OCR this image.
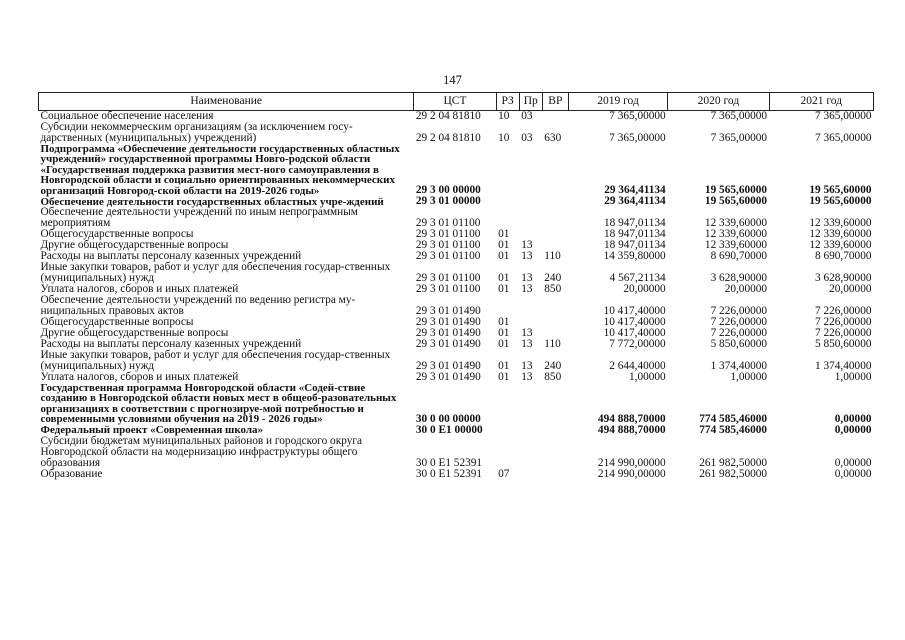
147
Наименование	ЦСТ	РЗ	Пр	ВР	2019 год	2020 год	2021 год
Социальное обеспечение населения	29 2 04 81810	10	03		7 365,00000	7 365,00000	7 365,00000
Субсидии некоммерческим организациям (за исключением госу-дарственных (муниципальных) учреждений)	29 2 04 81810	10	03	630	7 365,00000	7 365,00000	7 365,00000
Подпрограмма «Обеспечение деятельности государственных областных учреждений» государственной программы Новго-родской области «Государственная поддержка развития мест-ного самоуправления в Новгородской области и социально ориентированных некоммерческих организаций Новгород-ской области на 2019-2026 годы»	29 3 00 00000				29 364,41134	19 565,60000	19 565,60000
Обеспечение деятельности государственных областных учре-ждений	29 3 01 00000				29 364,41134	19 565,60000	19 565,60000
Обеспечение деятельности учреждений по иным непрограммным мероприятиям	29 3 01 01100				18 947,01134	12 339,60000	12 339,60000
Общегосударственные вопросы	29 3 01 01100	01			18 947,01134	12 339,60000	12 339,60000
Другие общегосударственные вопросы	29 3 01 01100	01	13		18 947,01134	12 339,60000	12 339,60000
Расходы на выплаты персоналу казенных учреждений	29 3 01 01100	01	13	110	14 359,80000	8 690,70000	8 690,70000
Иные закупки товаров, работ и услуг для обеспечения государ-ственных (муниципальных) нужд	29 3 01 01100	01	13	240	4 567,21134	3 628,90000	3 628,90000
Уплата налогов, сборов и иных платежей	29 3 01 01100	01	13	850	20,00000	20,00000	20,00000
Обеспечение деятельности учреждений по ведению регистра му-ниципальных правовых актов	29 3 01 01490				10 417,40000	7 226,00000	7 226,00000
Общегосударственные вопросы	29 3 01 01490	01			10 417,40000	7 226,00000	7 226,00000
Другие общегосударственные вопросы	29 3 01 01490	01	13		10 417,40000	7 226,00000	7 226,00000
Расходы на выплаты персоналу казенных учреждений	29 3 01 01490	01	13	110	7 772,00000	5 850,60000	5 850,60000
Иные закупки товаров, работ и услуг для обеспечения государ-ственных (муниципальных) нужд	29 3 01 01490	01	13	240	2 644,40000	1 374,40000	1 374,40000
Уплата налогов, сборов и иных платежей	29 3 01 01490	01	13	850	1,00000	1,00000	1,00000
Государственная программа Новгородской области «Содей-ствие созданию в Новгородской области новых мест в общеоб-разовательных организациях в соответствии с прогнозируе-мой потребностью и современными условиями обучения на 2019 - 2026 годы»	30 0 00 00000				494 888,70000	774 585,46000	0,00000
Федеральный проект «Современная школа»	30 0 E1 00000				494 888,70000	774 585,46000	0,00000
Субсидии бюджетам муниципальных районов и городского округа Новгородской области на модернизацию инфраструктуры общего образования	30 0 E1 52391				214 990,00000	261 982,50000	0,00000
Образование	30 0 E1 52391	07			214 990,00000	261 982,50000	0,00000
